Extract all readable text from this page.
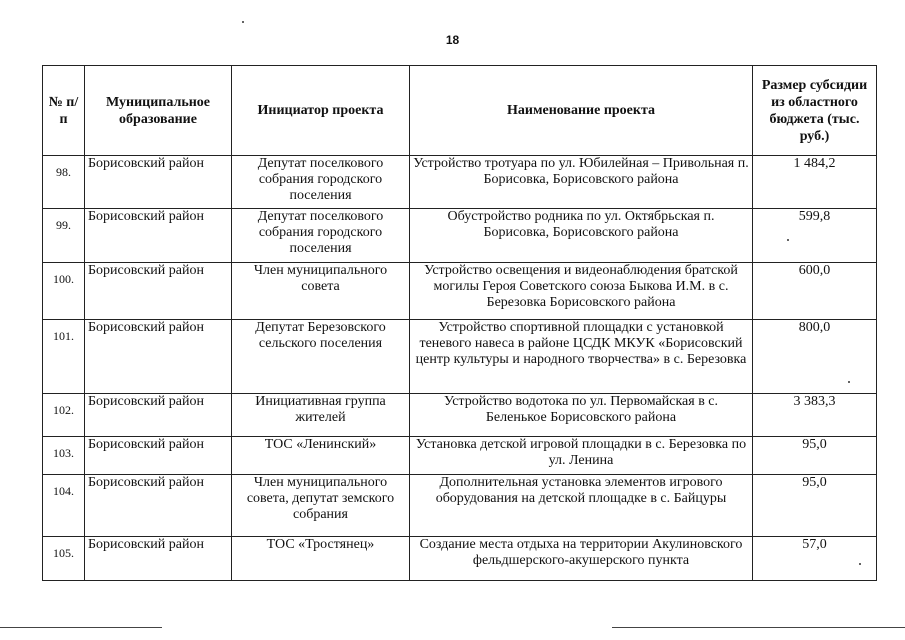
18
№ п/п	Муниципальное образование	Инициатор проекта	Наименование проекта	Размер субсидии из областного бюджета (тыс. руб.)
98.	Борисовский район	Депутат поселкового собрания городского поселения	Устройство тротуара по ул. Юбилейная – Привольная п. Борисовка, Борисовского района	1 484,2
99.	Борисовский район	Депутат поселкового собрания городского поселения	Обустройство родника по ул. Октябрьская п. Борисовка, Борисовского района	599,8
100.	Борисовский район	Член муниципального совета	Устройство освещения и видеонаблюдения братской могилы Героя Советского союза Быкова И.М. в с. Березовка Борисовского района	600,0
101.	Борисовский район	Депутат Березовского сельского поселения	Устройство спортивной площадки с установкой теневого навеса в районе ЦСДК МКУК «Борисовский центр культуры и народного творчества» в с. Березовка	800,0
102.	Борисовский район	Инициативная группа жителей	Устройство водотока по ул. Первомайская в с. Беленькое Борисовского района	3 383,3
103.	Борисовский район	ТОС «Ленинский»	Установка детской игровой площадки в с. Березовка по ул. Ленина	95,0
104.	Борисовский район	Член муниципального совета, депутат земского собрания	Дополнительная установка элементов игрового оборудования на детской площадке в с. Байцуры	95,0
105.	Борисовский район	ТОС «Тростянец»	Создание места отдыха на территории Акулиновского фельдшерского-акушерского пункта	57,0
